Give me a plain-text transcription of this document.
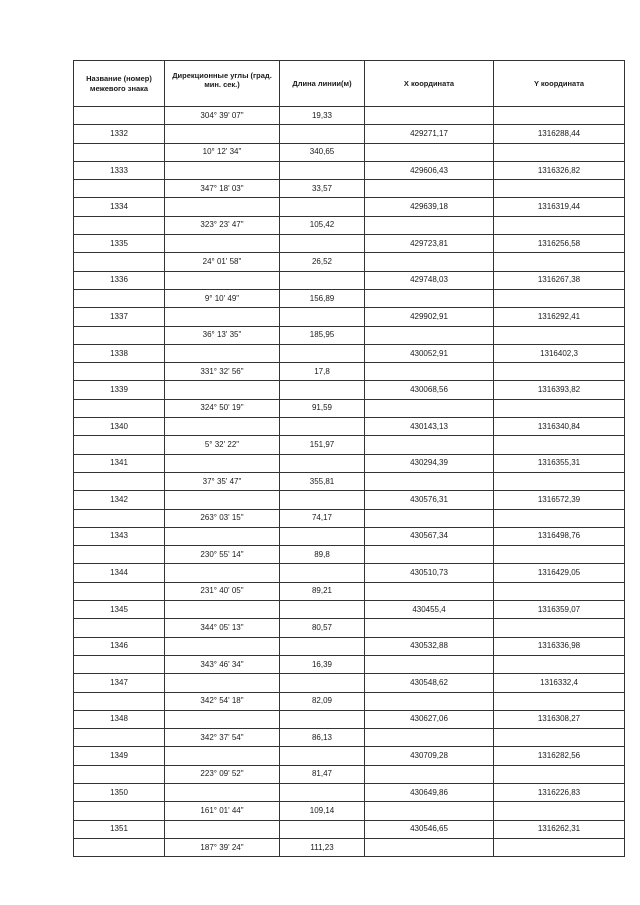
Название (номер) межевого знака	Дирекционные углы (град. мин. сек.)	Длина линии(м)	X координата	Y координата
	304° 39' 07"	19,33		
1332			429271,17	1316288,44
	10° 12' 34"	340,65		
1333			429606,43	1316326,82
	347° 18' 03"	33,57		
1334			429639,18	1316319,44
	323° 23' 47"	105,42		
1335			429723,81	1316256,58
	24° 01' 58"	26,52		
1336			429748,03	1316267,38
	9° 10' 49"	156,89		
1337			429902,91	1316292,41
	36° 13' 35"	185,95		
1338			430052,91	1316402,3
	331° 32' 56"	17,8		
1339			430068,56	1316393,82
	324° 50' 19"	91,59		
1340			430143,13	1316340,84
	5° 32' 22"	151,97		
1341			430294,39	1316355,31
	37° 35' 47"	355,81		
1342			430576,31	1316572,39
	263° 03' 15"	74,17		
1343			430567,34	1316498,76
	230° 55' 14"	89,8		
1344			430510,73	1316429,05
	231° 40' 05"	89,21		
1345			430455,4	1316359,07
	344° 05' 13"	80,57		
1346			430532,88	1316336,98
	343° 46' 34"	16,39		
1347			430548,62	1316332,4
	342° 54' 18"	82,09		
1348			430627,06	1316308,27
	342° 37' 54"	86,13		
1349			430709,28	1316282,56
	223° 09' 52"	81,47		
1350			430649,86	1316226,83
	161° 01' 44"	109,14		
1351			430546,65	1316262,31
	187° 39' 24"	111,23		
